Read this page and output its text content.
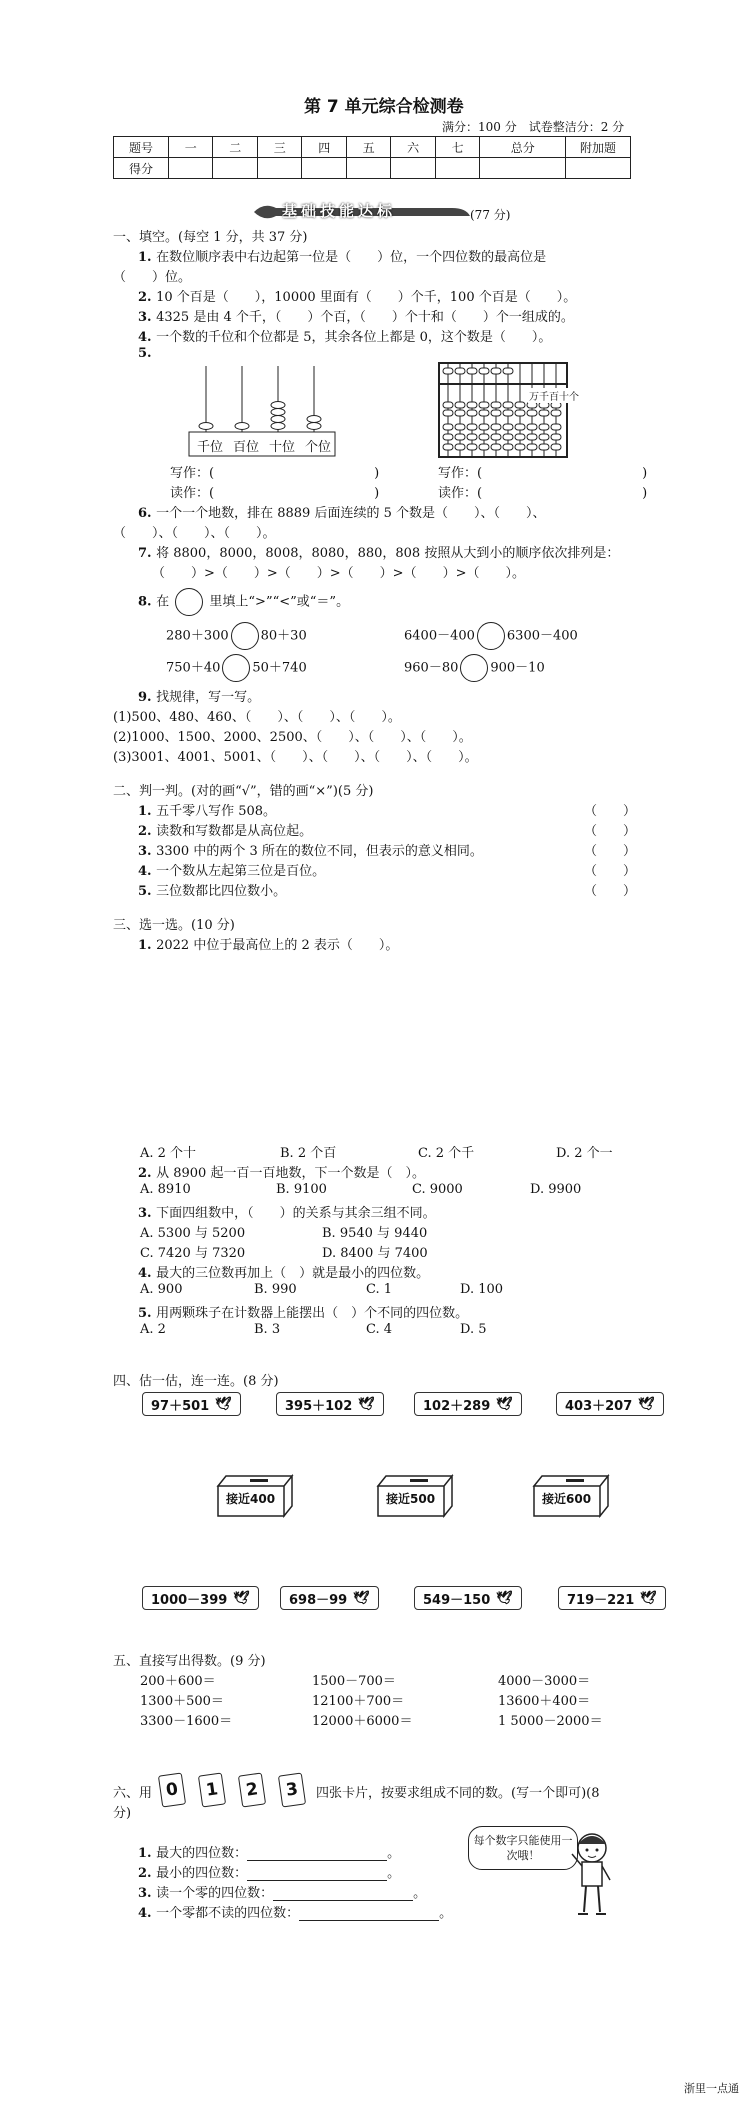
第 7 单元综合检测卷
满分：100 分　试卷整洁分：2 分
题号	一	二	三	四	五	六	七	总分	附加题
得分									
基础技能达标	(77 分)
一、填空。(每空 1 分，共 37 分)
1. 在数位顺序表中右边起第一位是（　　）位，一个四位数的最高位是
（　　）位。
2. 10 个百是（　　），10000 里面有（　　）个千，100 个百是（　　）。
3. 4325 是由 4 个千，（　　）个百，（　　）个十和（　　）个一组成的。
4. 一个数的千位和个位都是 5，其余各位上都是 0，这个数是（　　）。
5.
千位 百位 十位 个位
万千百十个
写作：(	)
读作：(	)
写作：(	)
读作：(	)
6. 一个一个地数，排在 8889 后面连续的 5 个数是（　　）、（　　）、
（　　）、（　　）、（　　）。
7. 将 8800，8000，8008，8080，880，808 按照从大到小的顺序依次排列是：
（　　）>（　　）>（　　）>（　　）>（　　）>（　　）。
8. 在	里填上“>”“<”或“＝”。
280＋300 80＋30	6400－400 6300－400
750＋40 50＋740	960－80 900－10
9. 找规律，写一写。
(1)500、480、460、（　　）、（　　）、（　　）。
(2)1000、1500、2000、2500、（　　）、（　　）、（　　）。
(3)3001、4001、5001、（　　）、（　　）、（　　）、（　　）。
二、判一判。(对的画“√”，错的画“×”)(5 分)
1. 五千零八写作 508。	（　　）
2. 读数和写数都是从高位起。	（　　）
3. 3300 中的两个 3 所在的数位不同，但表示的意义相同。	（　　）
4. 一个数从左起第三位是百位。	（　　）
5. 三位数都比四位数小。	（　　）
三、选一选。(10 分)
1. 2022 中位于最高位上的 2 表示（　　）。
A. 2 个十	B. 2 个百	C. 2 个千	D. 2 个一
2. 从 8900 起一百一百地数，下一个数是（　）。
A. 8910	B. 9100	C. 9000	D. 9900
3. 下面四组数中，（　　）的关系与其余三组不同。
A. 5300 与 5200	B. 9540 与 9440
C. 7420 与 7320	D. 8400 与 7400
4. 最大的三位数再加上（　）就是最小的四位数。
A. 900	B. 990	C. 1	D. 100
5. 用两颗珠子在计数器上能摆出（　）个不同的四位数。
A. 2	B. 3	C. 4	D. 5
四、估一估，连一连。(8 分)
97＋501 🕊	395＋102 🕊	102＋289 🕊	403＋207 🕊
接近400	接近500	接近600
1000－399 🕊	698－99 🕊	549－150 🕊	719－221 🕊
五、直接写出得数。(9 分)
200＋600＝	1500－700＝	4000－3000＝
1300＋500＝	12100＋700＝	13600＋400＝
3300－1600＝	12000＋6000＝	1 5000－2000＝
六、用 0	1	2	3	四张卡片，按要求组成不同的数。(写一个即可)(8
分)
1. 最大的四位数：	。
2. 最小的四位数：	。
3. 读一个零的四位数：	。
4. 一个零都不读的四位数：	。
每个数字只能使用一次哦！
浙里一点通
